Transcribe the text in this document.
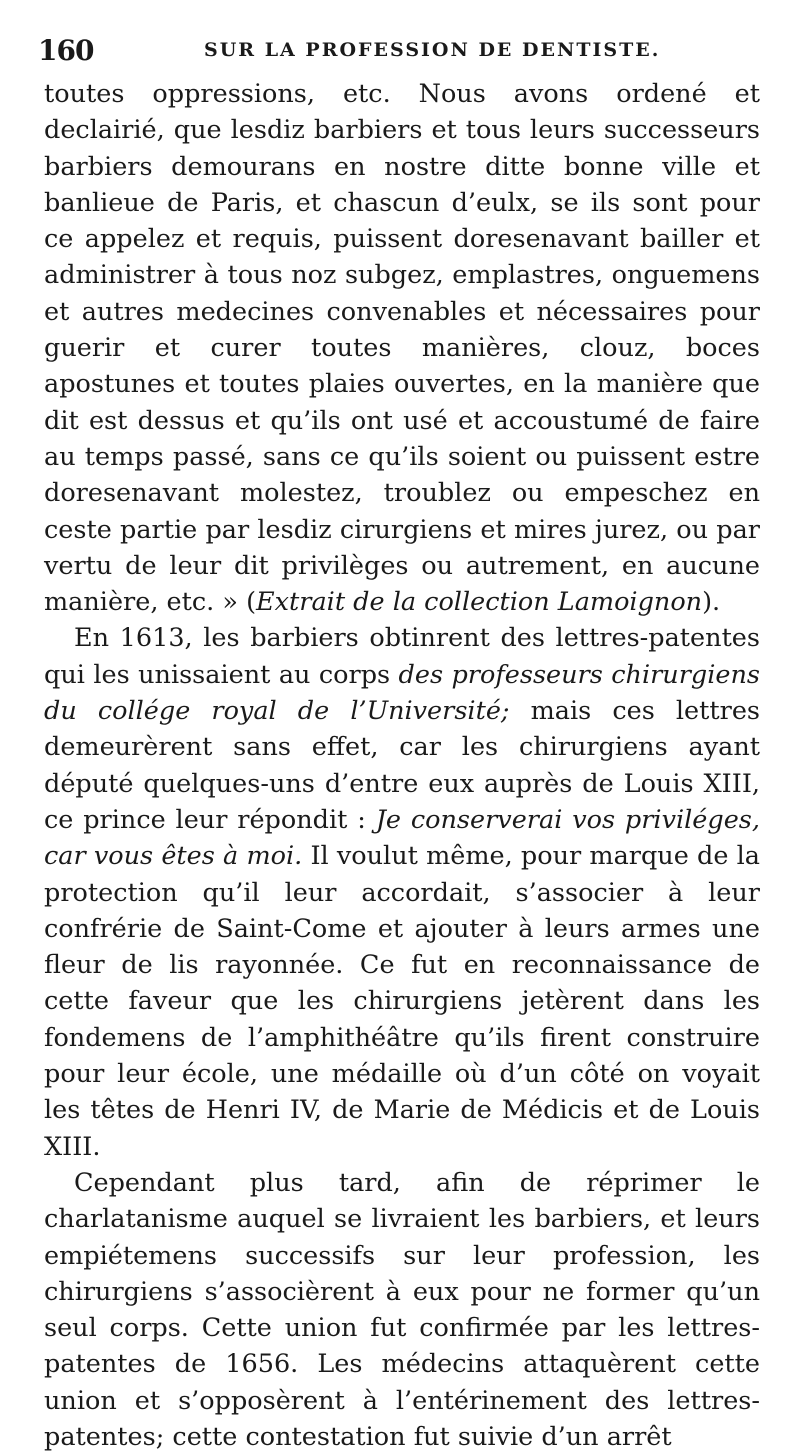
160	SUR LA PROFESSION DE DENTISTE.

toutes oppressions, etc. Nous avons ordené et declairié, que lesdiz barbiers et tous leurs successeurs barbiers demourans en nostre ditte bonne ville et banlieue de Paris, et chascun d’eulx, se ils sont pour ce appelez et requis, puissent doresenavant bailler et administrer à tous noz subgez, emplastres, onguemens et autres medecines convenables et nécessaires pour guerir et curer toutes manières, clouz, boces apostunes et toutes plaies ouvertes, en la manière que dit est dessus et qu’ils ont usé et accoustumé de faire au temps passé, sans ce qu’ils soient ou puissent estre doresenavant molestez, troublez ou empeschez en ceste partie par lesdiz cirurgiens et mires jurez, ou par vertu de leur dit privilèges ou autrement, en aucune manière, etc. » (Extrait de la collection Lamoignon).

En 1613, les barbiers obtinrent des lettres-patentes qui les unissaient au corps des professeurs chirurgiens du collége royal de l’Université; mais ces lettres demeurèrent sans effet, car les chirurgiens ayant député quelques-uns d’entre eux auprès de Louis XIII, ce prince leur répondit : Je conserverai vos priviléges, car vous êtes à moi. Il voulut même, pour marque de la protection qu’il leur accordait, s’associer à leur confrérie de Saint-Come et ajouter à leurs armes une fleur de lis rayonnée. Ce fut en reconnaissance de cette faveur que les chirurgiens jetèrent dans les fondemens de l’amphithéâtre qu’ils firent construire pour leur école, une médaille où d’un côté on voyait les têtes de Henri IV, de Marie de Médicis et de Louis XIII.

Cependant plus tard, afin de réprimer le charlatanisme auquel se livraient les barbiers, et leurs empiétemens successifs sur leur profession, les chirurgiens s’associèrent à eux pour ne former qu’un seul corps. Cette union fut confirmée par les lettres-patentes de 1656. Les médecins attaquèrent cette union et s’opposèrent à l’entérinement des lettres-patentes; cette contestation fut suivie d’un arrêt
